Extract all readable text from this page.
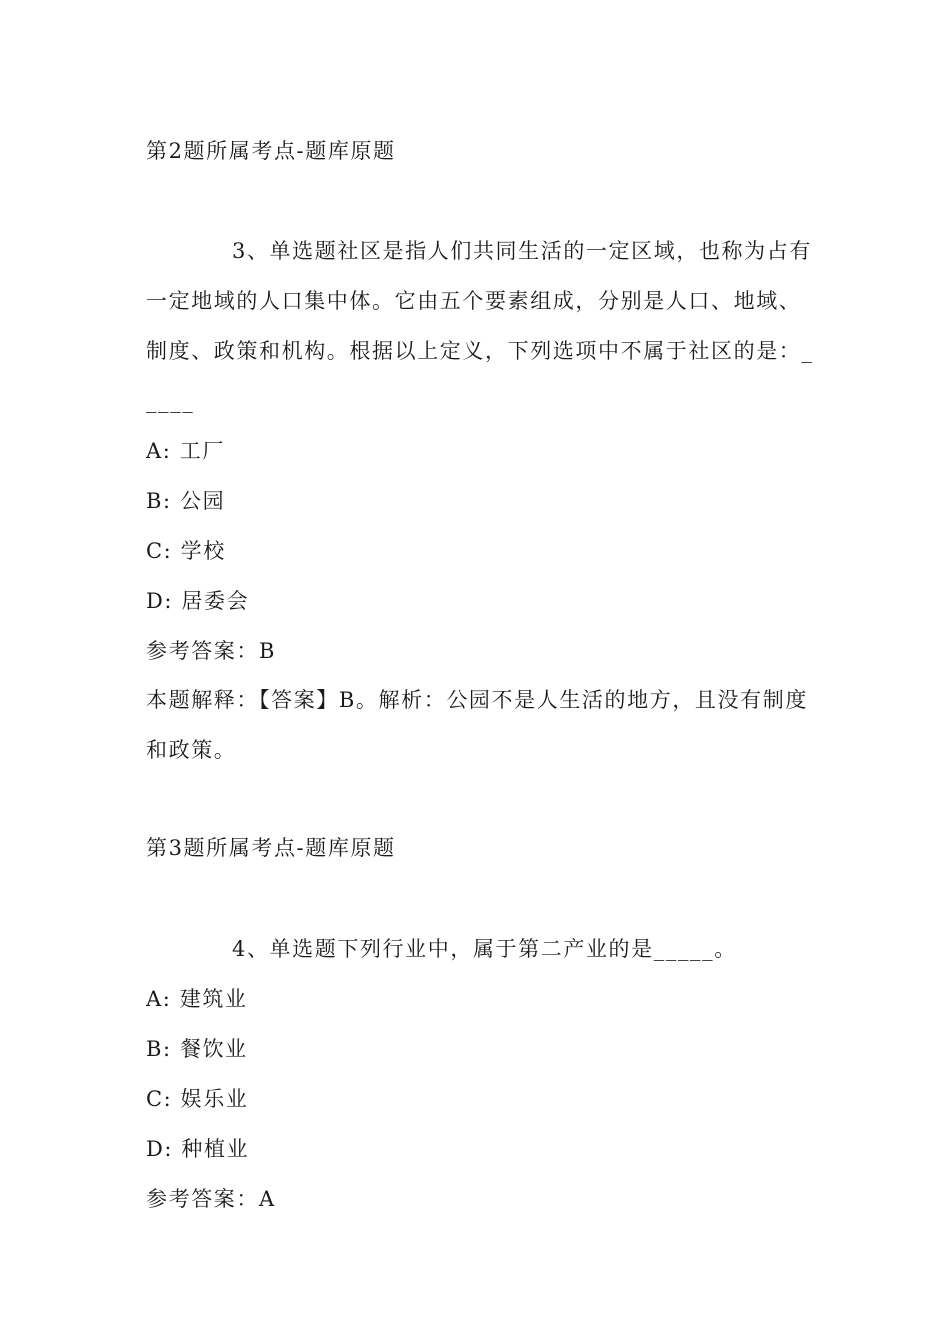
第2题所属考点-题库原题
3、单选题社区是指人们共同生活的一定区域，也称为占有
一定地域的人口集中体。它由五个要素组成，分别是人口、地域、
制度、政策和机构。根据以上定义，下列选项中不属于社区的是：_
____
A: 工厂
B: 公园
C: 学校
D: 居委会
参考答案：B
本题解释：【答案】B。解析：公园不是人生活的地方，且没有制度
和政策。
第3题所属考点-题库原题
4、单选题下列行业中，属于第二产业的是_____。
A: 建筑业
B: 餐饮业
C: 娱乐业
D: 种植业
参考答案：A
